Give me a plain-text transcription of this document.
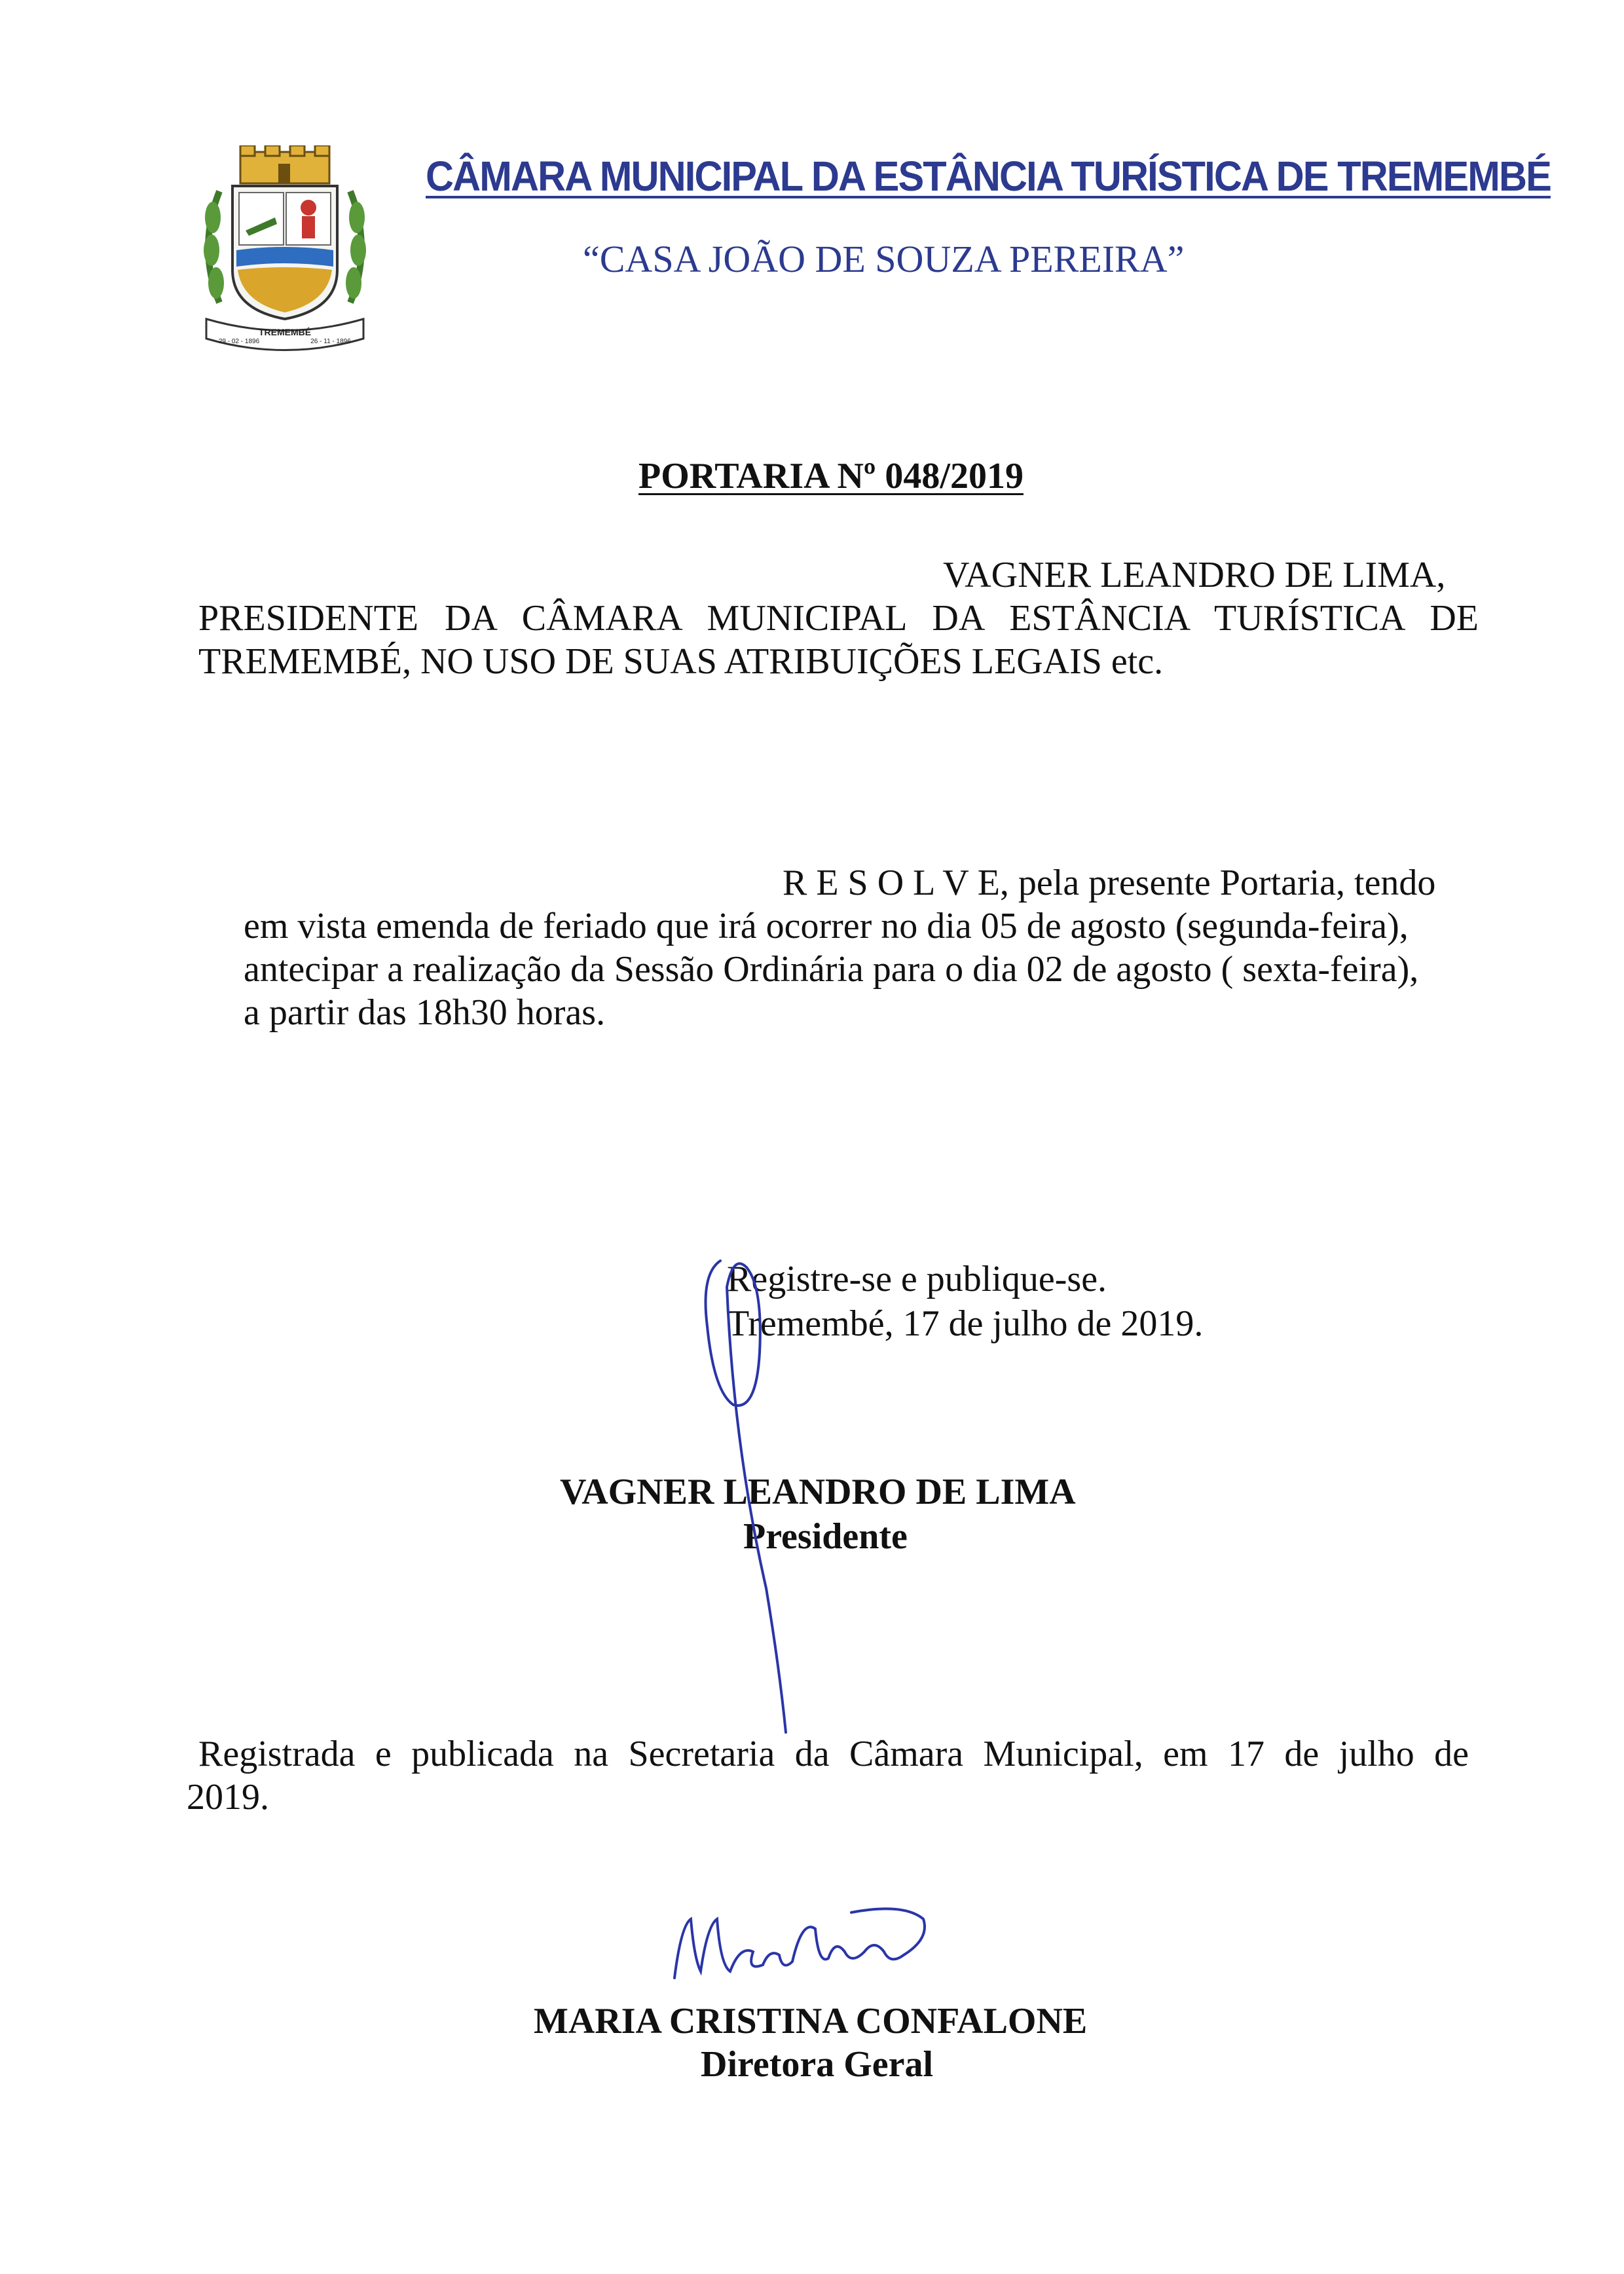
TREMEMBÉ
29 - 02 - 1896	26 - 11 - 1896
CÂMARA MUNICIPAL DA ESTÂNCIA TURÍSTICA DE TREMEMBÉ
“CASA JOÃO DE SOUZA PEREIRA”
PORTARIA Nº 048/2019
VAGNER LEANDRO DE LIMA,
PRESIDENTE DA CÂMARA MUNICIPAL DA ESTÂNCIA TURÍSTICA DE
TREMEMBÉ, NO USO DE SUAS ATRIBUIÇÕES LEGAIS etc.
R E S O L V E, pela presente Portaria, tendo
em vista emenda de feriado que irá ocorrer no dia 05 de agosto (segunda-feira),
antecipar a realização da Sessão Ordinária para o dia 02 de agosto ( sexta-feira),
a partir das 18h30 horas.
Registre-se e publique-se.
Tremembé, 17 de julho de 2019.
VAGNER LEANDRO DE LIMA
Presidente
Registrada e publicada na Secretaria da Câmara Municipal, em 17 de julho de
2019.
MARIA CRISTINA CONFALONE
Diretora Geral
